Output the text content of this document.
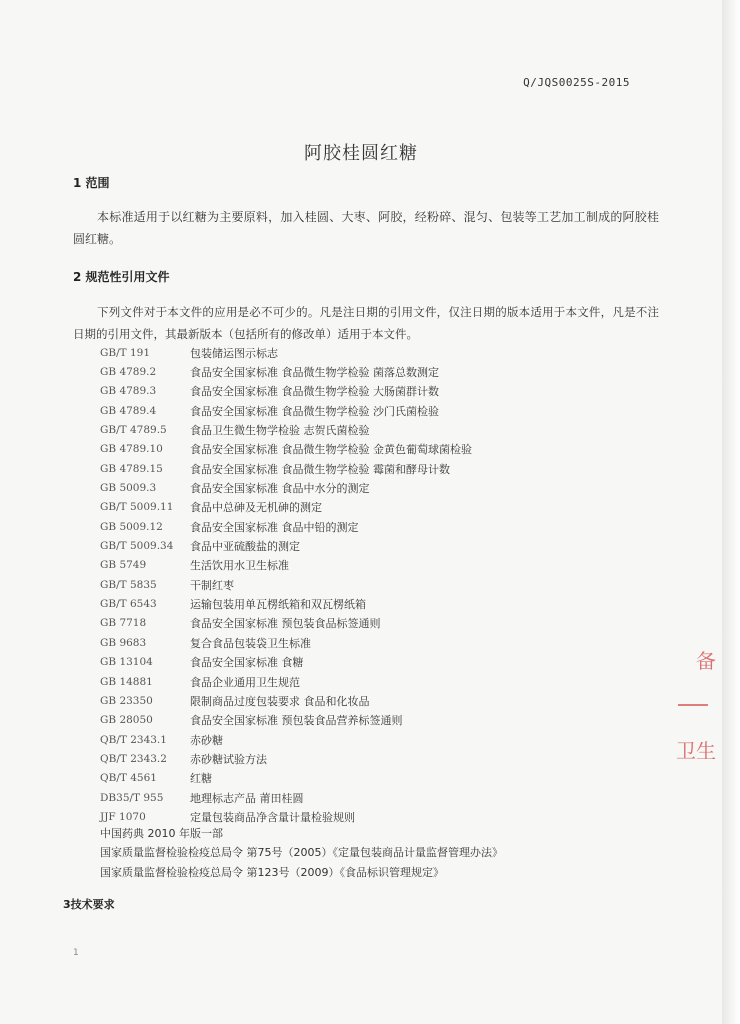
Q/JQS0025S-2015
阿胶桂圆红糖
1 范围
本标准适用于以红糖为主要原料，加入桂圆、大枣、阿胶，经粉碎、混匀、包装等工艺加工制成的阿胶桂圆红糖。
2 规范性引用文件
下列文件对于本文件的应用是必不可少的。凡是注日期的引用文件，仅注日期的版本适用于本文件，凡是不注日期的引用文件，其最新版本（包括所有的修改单）适用于本文件。
GB/T 191	包装储运图示标志
GB 4789.2	食品安全国家标准 食品微生物学检验 菌落总数测定
GB 4789.3	食品安全国家标准 食品微生物学检验 大肠菌群计数
GB 4789.4	食品安全国家标准 食品微生物学检验 沙门氏菌检验
GB/T 4789.5	食品卫生微生物学检验 志贺氏菌检验
GB 4789.10	食品安全国家标准 食品微生物学检验 金黄色葡萄球菌检验
GB 4789.15	食品安全国家标准 食品微生物学检验 霉菌和酵母计数
GB 5009.3	食品安全国家标准 食品中水分的测定
GB/T 5009.11	食品中总砷及无机砷的测定
GB 5009.12	食品安全国家标准 食品中铅的测定
GB/T 5009.34	食品中亚硫酸盐的测定
GB 5749	生活饮用水卫生标准
GB/T 5835	干制红枣
GB/T 6543	运输包装用单瓦楞纸箱和双瓦楞纸箱
GB 7718	食品安全国家标准 预包装食品标签通则
GB 9683	复合食品包装袋卫生标准
GB 13104	食品安全国家标准 食糖
GB 14881	食品企业通用卫生规范
GB 23350	限制商品过度包装要求 食品和化妆品
GB 28050	食品安全国家标准 预包装食品营养标签通则
QB/T 2343.1	赤砂糖
QB/T 2343.2	赤砂糖试验方法
QB/T 4561	红糖
DB35/T 955	地理标志产品 莆田桂圆
JJF 1070	定量包装商品净含量计量检验规则
中国药典 2010 年版一部
国家质量监督检验检疫总局令 第75号（2005）《定量包装商品计量监督管理办法》
国家质量监督检验检疫总局令 第123号（2009）《食品标识管理规定》
3技术要求
1
备
卫生
